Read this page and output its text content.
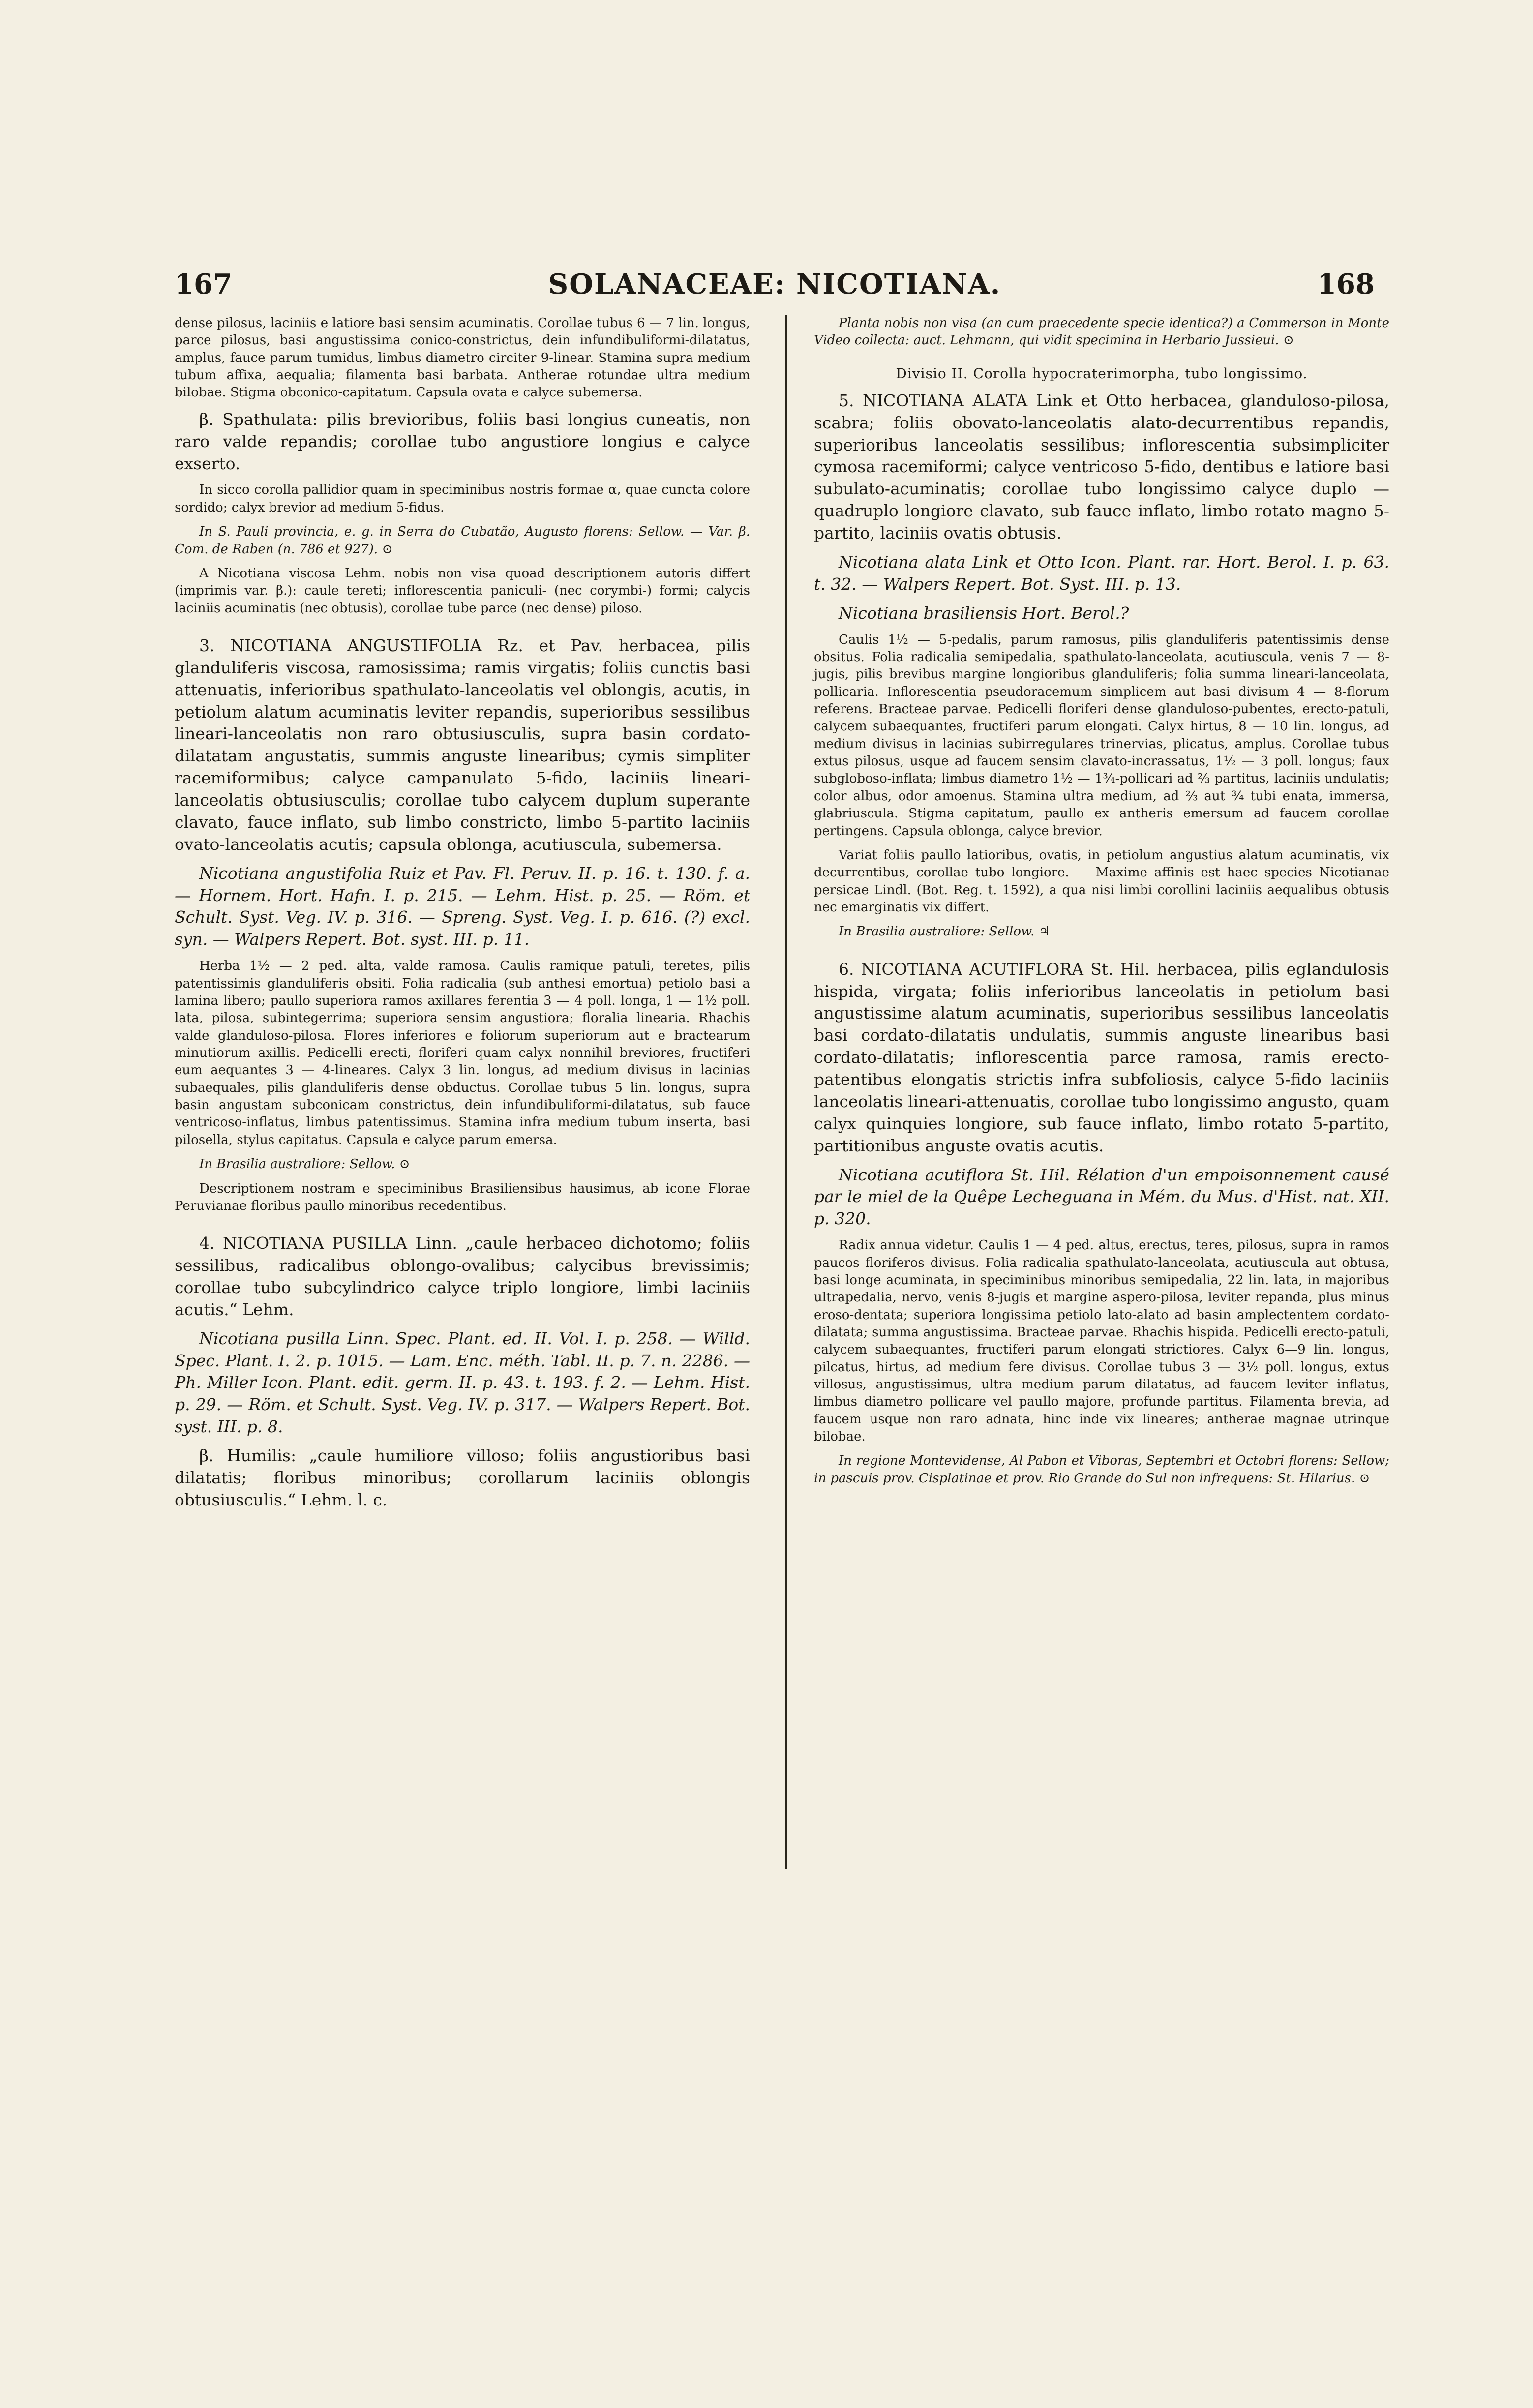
167	SOLANACEAE: NICOTIANA.	168

dense pilosus, laciniis e latiore basi sensim acuminatis. Corollae tubus 6 — 7 lin. longus, parce pilosus, basi angustissima conico-constrictus, dein infundibuliformi-dilatatus, amplus, fauce parum tumidus, limbus diametro circiter 9-linear. Stamina supra medium tubum affixa, aequalia; filamenta basi barbata. Antherae rotundae ultra medium bilobae. Stigma obconico-capitatum. Capsula ovata e calyce subemersa.

β. Spathulata: pilis brevioribus, foliis basi longius cuneatis, non raro valde repandis; corollae tubo angustiore longius e calyce exserto.

In sicco corolla pallidior quam in speciminibus nostris formae α, quae cuncta colore sordido; calyx brevior ad medium 5-fidus.

In S. Pauli provincia, e. g. in Serra do Cubatão, Augusto florens: Sellow. — Var. β. Com. de Raben (n. 786 et 927). ⊙

A Nicotiana viscosa Lehm. nobis non visa quoad descriptionem autoris differt (imprimis var. β.): caule tereti; inflorescentia paniculi- (nec corymbi-) formi; calycis laciniis acuminatis (nec obtusis), corollae tube parce (nec dense) piloso.

3. NICOTIANA ANGUSTIFOLIA Rz. et Pav. herbacea, pilis glanduliferis viscosa, ramosissima; ramis virgatis; foliis cunctis basi attenuatis, inferioribus spathulato-lanceolatis vel oblongis, acutis, in petiolum alatum acuminatis leviter repandis, superioribus sessilibus lineari-lanceolatis non raro obtusiusculis, supra basin cordato-dilatatam angustatis, summis anguste linearibus; cymis simpliter racemiformibus; calyce campanulato 5-fido, laciniis lineari-lanceolatis obtusiusculis; corollae tubo calycem duplum superante clavato, fauce inflato, sub limbo constricto, limbo 5-partito laciniis ovato-lanceolatis acutis; capsula oblonga, acutiuscula, subemersa.

Nicotiana angustifolia Ruiz et Pav. Fl. Peruv. II. p. 16. t. 130. f. a. — Hornem. Hort. Hafn. I. p. 215. — Lehm. Hist. p. 25. — Röm. et Schult. Syst. Veg. IV. p. 316. — Spreng. Syst. Veg. I. p. 616. (?) excl. syn. — Walpers Repert. Bot. syst. III. p. 11.

Herba 1½ — 2 ped. alta, valde ramosa. Caulis ramique patuli, teretes, pilis patentissimis glanduliferis obsiti. Folia radicalia (sub anthesi emortua) petiolo basi a lamina libero; paullo superiora ramos axillares ferentia 3 — 4 poll. longa, 1 — 1½ poll. lata, pilosa, subintegerrima; superiora sensim angustiora; floralia linearia. Rhachis valde glanduloso-pilosa. Flores inferiores e foliorum superiorum aut e bractearum minutiorum axillis. Pedicelli erecti, floriferi quam calyx nonnihil breviores, fructiferi eum aequantes 3 — 4-lineares. Calyx 3 lin. longus, ad medium divisus in lacinias subaequales, pilis glanduliferis dense obductus. Corollae tubus 5 lin. longus, supra basin angustam subconicam constrictus, dein infundibuliformi-dilatatus, sub fauce ventricoso-inflatus, limbus patentissimus. Stamina infra medium tubum inserta, basi pilosella, stylus capitatus. Capsula e calyce parum emersa.

In Brasilia australiore: Sellow. ⊙

Descriptionem nostram e speciminibus Brasiliensibus hausimus, ab icone Florae Peruvianae floribus paullo minoribus recedentibus.

4. NICOTIANA PUSILLA Linn. „caule herbaceo dichotomo; foliis sessilibus, radicalibus oblongo-ovalibus; calycibus brevissimis; corollae tubo subcylindrico calyce triplo longiore, limbi laciniis acutis.“ Lehm.

Nicotiana pusilla Linn. Spec. Plant. ed. II. Vol. I. p. 258. — Willd. Spec. Plant. I. 2. p. 1015. — Lam. Enc. méth. Tabl. II. p. 7. n. 2286. — Ph. Miller Icon. Plant. edit. germ. II. p. 43. t. 193. f. 2. — Lehm. Hist. p. 29. — Röm. et Schult. Syst. Veg. IV. p. 317. — Walpers Repert. Bot. syst. III. p. 8.

β. Humilis: „caule humiliore villoso; foliis angustioribus basi dilatatis; floribus minoribus; corollarum laciniis oblongis obtusiusculis.“ Lehm. l. c.

Planta nobis non visa (an cum praecedente specie identica?) a Commerson in Monte Video collecta: auct. Lehmann, qui vidit specimina in Herbario Jussieui. ⊙

Divisio II. Corolla hypocraterimorpha, tubo longissimo.

5. NICOTIANA ALATA Link et Otto herbacea, glanduloso-pilosa, scabra; foliis obovato-lanceolatis alato-decurrentibus repandis, superioribus lanceolatis sessilibus; inflorescentia subsimpliciter cymosa racemiformi; calyce ventricoso 5-fido, dentibus e latiore basi subulato-acuminatis; corollae tubo longissimo calyce duplo — quadruplo longiore clavato, sub fauce inflato, limbo rotato magno 5-partito, laciniis ovatis obtusis.

Nicotiana alata Link et Otto Icon. Plant. rar. Hort. Berol. I. p. 63. t. 32. — Walpers Repert. Bot. Syst. III. p. 13.

Nicotiana brasiliensis Hort. Berol.?

Caulis 1½ — 5-pedalis, parum ramosus, pilis glanduliferis patentissimis dense obsitus. Folia radicalia semipedalia, spathulato-lanceolata, acutiuscula, venis 7 — 8-jugis, pilis brevibus margine longioribus glanduliferis; folia summa lineari-lanceolata, pollicaria. Inflorescentia pseudoracemum simplicem aut basi divisum 4 — 8-florum referens. Bracteae parvae. Pedicelli floriferi dense glanduloso-pubentes, erecto-patuli, calycem subaequantes, fructiferi parum elongati. Calyx hirtus, 8 — 10 lin. longus, ad medium divisus in lacinias subirregulares trinervias, plicatus, amplus. Corollae tubus extus pilosus, usque ad faucem sensim clavato-incrassatus, 1½ — 3 poll. longus; faux subgloboso-inflata; limbus diametro 1½ — 1¾-pollicari ad ⅔ partitus, laciniis undulatis; color albus, odor amoenus. Stamina ultra medium, ad ⅔ aut ¾ tubi enata, immersa, glabriuscula. Stigma capitatum, paullo ex antheris emersum ad faucem corollae pertingens. Capsula oblonga, calyce brevior.

Variat foliis paullo latioribus, ovatis, in petiolum angustius alatum acuminatis, vix decurrentibus, corollae tubo longiore. — Maxime affinis est haec species Nicotianae persicae Lindl. (Bot. Reg. t. 1592), a qua nisi limbi corollini laciniis aequalibus obtusis nec emarginatis vix differt.

In Brasilia australiore: Sellow. ♃

6. NICOTIANA ACUTIFLORA St. Hil. herbacea, pilis eglandulosis hispida, virgata; foliis inferioribus lanceolatis in petiolum basi angustissime alatum acuminatis, superioribus sessilibus lanceolatis basi cordato-dilatatis undulatis, summis anguste linearibus basi cordato-dilatatis; inflorescentia parce ramosa, ramis erecto-patentibus elongatis strictis infra subfoliosis, calyce 5-fido laciniis lanceolatis lineari-attenuatis, corollae tubo longissimo angusto, quam calyx quinquies longiore, sub fauce inflato, limbo rotato 5-partito, partitionibus anguste ovatis acutis.

Nicotiana acutiflora St. Hil. Rélation d'un empoisonnement causé par le miel de la Quêpe Lecheguana in Mém. du Mus. d'Hist. nat. XII. p. 320.

Radix annua videtur. Caulis 1 — 4 ped. altus, erectus, teres, pilosus, supra in ramos paucos floriferos divisus. Folia radicalia spathulato-lanceolata, acutiuscula aut obtusa, basi longe acuminata, in speciminibus minoribus semipedalia, 22 lin. lata, in majoribus ultrapedalia, nervo, venis 8-jugis et margine aspero-pilosa, leviter repanda, plus minus eroso-dentata; superiora longissima petiolo lato-alato ad basin amplectentem cordato-dilatata; summa angustissima. Bracteae parvae. Rhachis hispida. Pedicelli erecto-patuli, calycem subaequantes, fructiferi parum elongati strictiores. Calyx 6—9 lin. longus, pilcatus, hirtus, ad medium fere divisus. Corollae tubus 3 — 3½ poll. longus, extus villosus, angustissimus, ultra medium parum dilatatus, ad faucem leviter inflatus, limbus diametro pollicare vel paullo majore, profunde partitus. Filamenta brevia, ad faucem usque non raro adnata, hinc inde vix lineares; antherae magnae utrinque bilobae.

In regione Montevidense, Al Pabon et Viboras, Septembri et Octobri florens: Sellow; in pascuis prov. Cisplatinae et prov. Rio Grande do Sul non infrequens: St. Hilarius. ⊙
